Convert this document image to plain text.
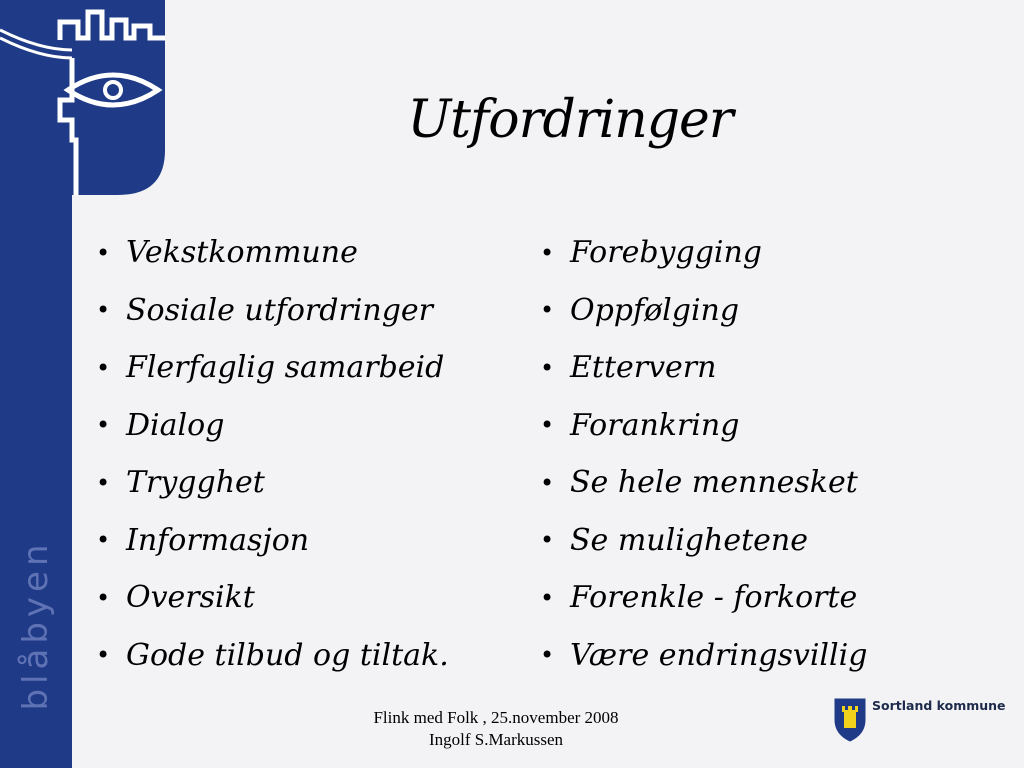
blåbyen
Utfordringer
• Vekstkommune
• Sosiale utfordringer
• Flerfaglig samarbeid
• Dialog
• Trygghet
• Informasjon
• Oversikt
• Gode tilbud og tiltak.
• Forebygging
• Oppfølging
• Ettervern
• Forankring
• Se hele mennesket
• Se mulighetene
• Forenkle - forkorte
• Være endringsvillig
Flink med Folk , 25.november 2008
Ingolf S.Markussen
Sortland kommune
